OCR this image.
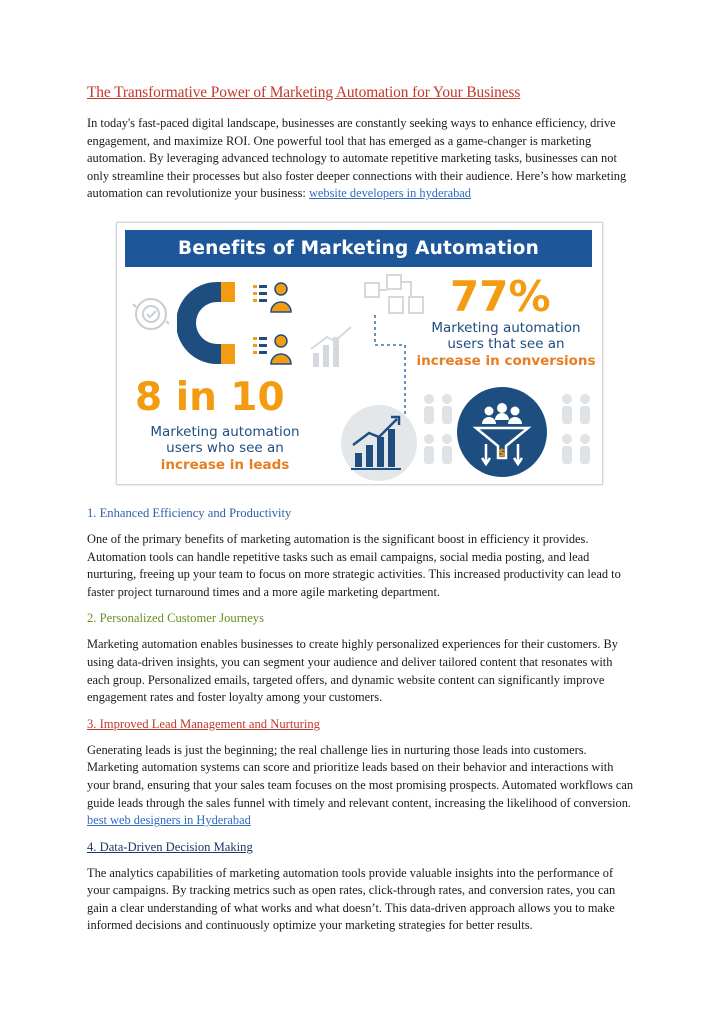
The Transformative Power of Marketing Automation for Your Business

In today's fast-paced digital landscape, businesses are constantly seeking ways to enhance efficiency, drive engagement, and maximize ROI. One powerful tool that has emerged as a game-changer is marketing automation. By leveraging advanced technology to automate repetitive marketing tasks, businesses can not only streamline their processes but also foster deeper connections with their audience. Here’s how marketing automation can revolutionize your business: website developers in hyderabad

Benefits of Marketing Automation
77%
Marketing automation
users that see an
increase in conversions
8 in 10
Marketing automation
users who see an
increase in leads
$
1. Enhanced Efficiency and Productivity

One of the primary benefits of marketing automation is the significant boost in efficiency it provides. Automation tools can handle repetitive tasks such as email campaigns, social media posting, and lead nurturing, freeing up your team to focus on more strategic activities. This increased productivity can lead to faster project turnaround times and a more agile marketing department.

2. Personalized Customer Journeys

Marketing automation enables businesses to create highly personalized experiences for their customers. By using data-driven insights, you can segment your audience and deliver tailored content that resonates with each group. Personalized emails, targeted offers, and dynamic website content can significantly improve engagement rates and foster loyalty among your customers.

3. Improved Lead Management and Nurturing

Generating leads is just the beginning; the real challenge lies in nurturing those leads into customers. Marketing automation systems can score and prioritize leads based on their behavior and interactions with your brand, ensuring that your sales team focuses on the most promising prospects. Automated workflows can guide leads through the sales funnel with timely and relevant content, increasing the likelihood of conversion. best web designers in Hyderabad

4. Data-Driven Decision Making

The analytics capabilities of marketing automation tools provide valuable insights into the performance of your campaigns. By tracking metrics such as open rates, click-through rates, and conversion rates, you can gain a clear understanding of what works and what doesn’t. This data-driven approach allows you to make informed decisions and continuously optimize your marketing strategies for better results.
